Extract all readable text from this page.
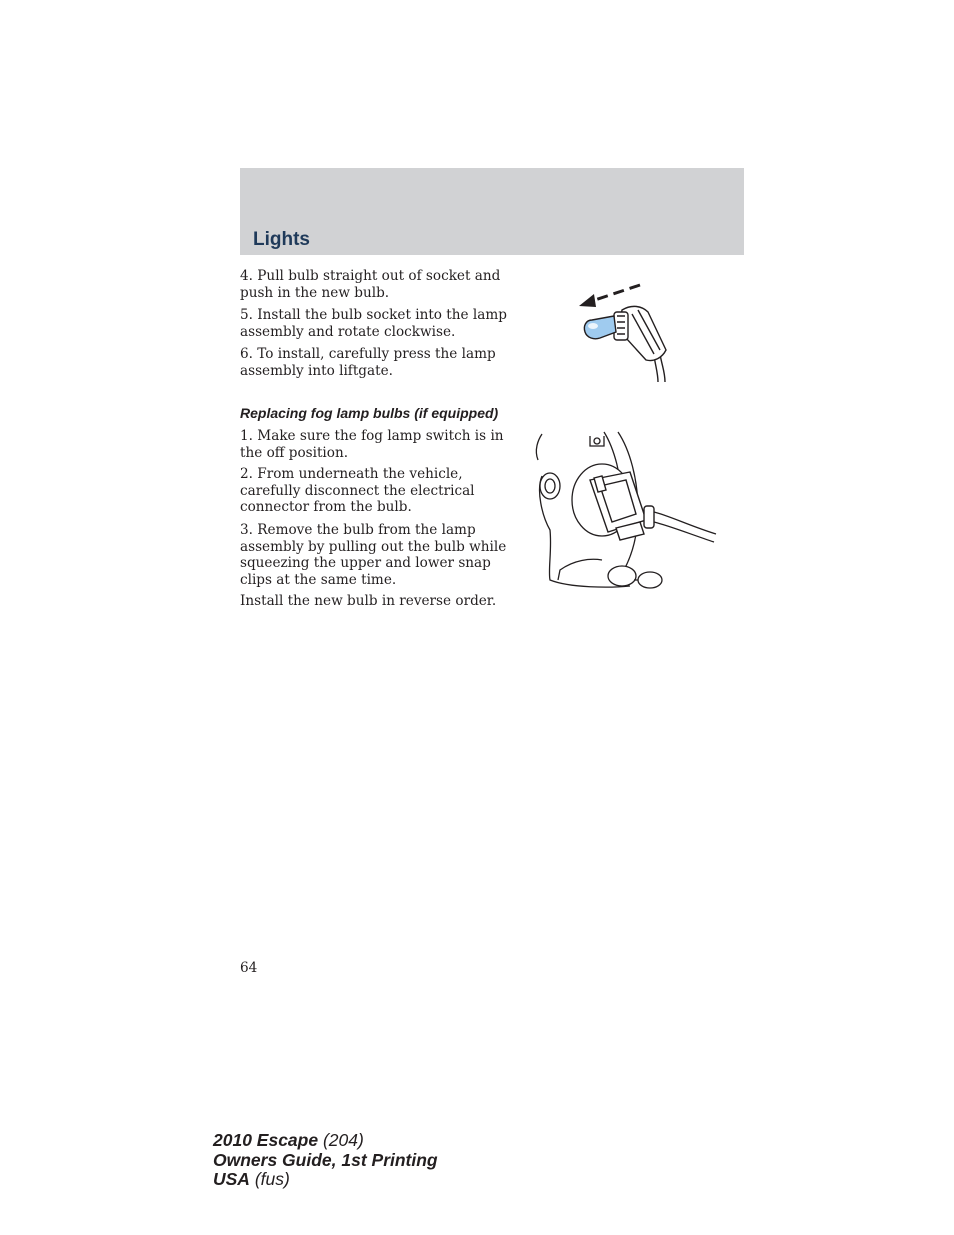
Lights

4. Pull bulb straight out of socket and push in the new bulb.

5. Install the bulb socket into the lamp assembly and rotate clockwise.

6. To install, carefully press the lamp assembly into liftgate.

Replacing fog lamp bulbs (if equipped)

1. Make sure the fog lamp switch is in the off position.

2. From underneath the vehicle, carefully disconnect the electrical connector from the bulb.

3. Remove the bulb from the lamp assembly by pulling out the bulb while squeezing the upper and lower snap clips at the same time.

Install the new bulb in reverse order.

64

2010 Escape (204)
Owners Guide, 1st Printing
USA (fus)
